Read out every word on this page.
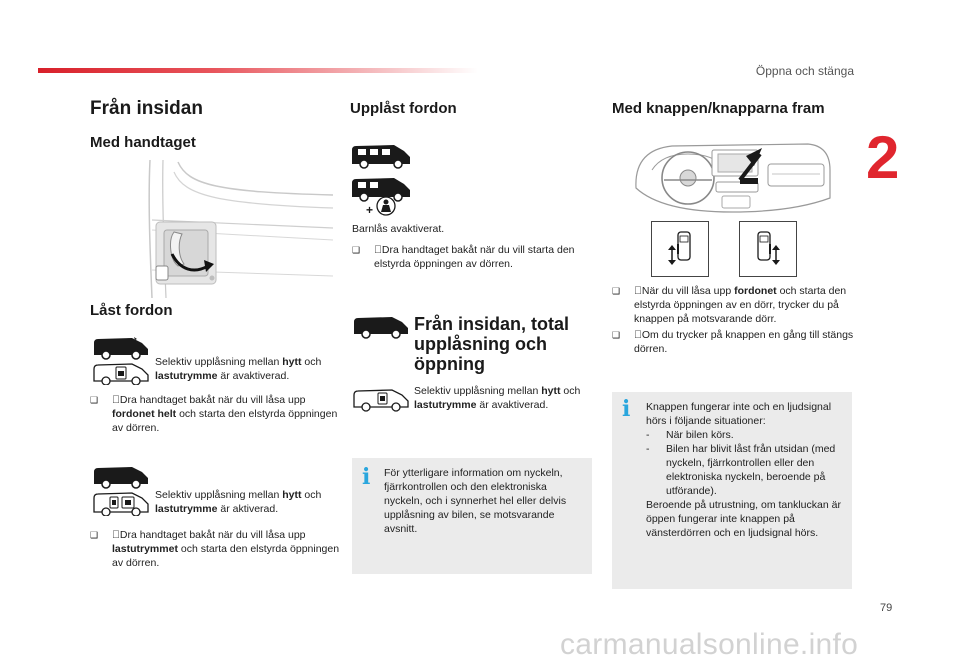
Öppna och stänga
2
Från insidan
Med handtaget
Låst fordon
Selektiv upplåsning mellan hytt och lastutrymme är avaktiverad.
❑ Dra handtaget bakåt när du vill låsa upp fordonet helt och starta den elstyrda öppningen av dörren.
Selektiv upplåsning mellan hytt och lastutrymme är aktiverad.
❑ Dra handtaget bakåt när du vill låsa upp lastutrymmet och starta den elstyrda öppningen av dörren.
Upplåst fordon
+
Barnlås avaktiverat.
❑ Dra handtaget bakåt när du vill starta den elstyrda öppningen av dörren.
Från insidan, total upplåsning och öppning
Selektiv upplåsning mellan hytt och lastutrymme är avaktiverad.
i För ytterligare information om nyckeln, fjärrkontrollen och den elektroniska nyckeln, och i synnerhet hel eller delvis upplåsning av bilen, se motsvarande avsnitt.
Med knappen/knapparna fram
❑ När du vill låsa upp fordonet och starta den elstyrda öppningen av en dörr, trycker du på knappen på motsvarande dörr.
❑ Om du trycker på knappen en gång till stängs dörren.
i Knappen fungerar inte och en ljudsignal hörs i följande situationer:
- När bilen körs.
- Bilen har blivit låst från utsidan (med nyckeln, fjärrkontrollen eller den elektroniska nyckeln, beroende på utförande).
Beroende på utrustning, om tankluckan är öppen fungerar inte knappen på vänsterdörren och en ljudsignal hörs.
79
carmanualsonline.info
